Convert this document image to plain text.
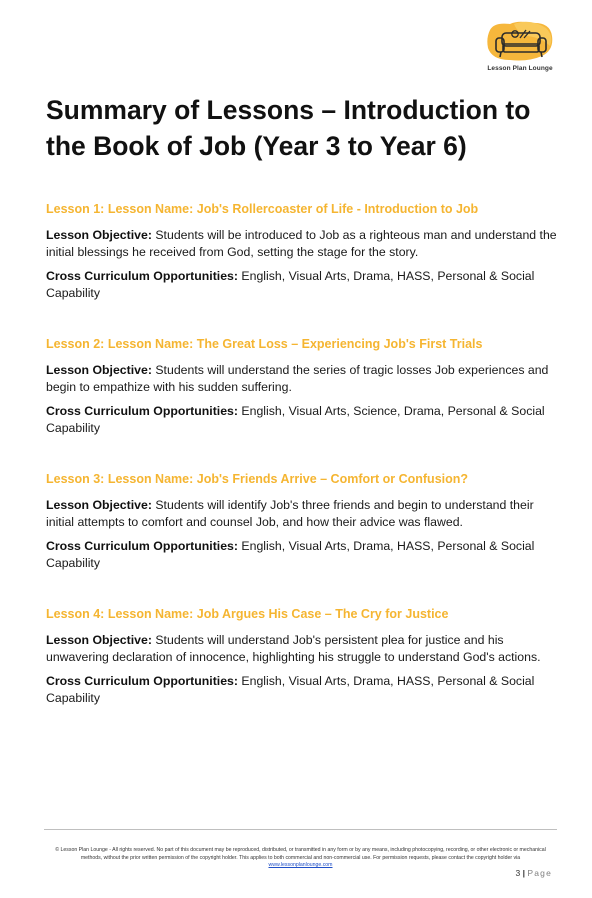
Lesson Plan Lounge
Summary of Lessons – Introduction to the Book of Job (Year 3 to Year 6)

Lesson 1: Lesson Name: Job's Rollercoaster of Life - Introduction to Job

Lesson Objective: Students will be introduced to Job as a righteous man and understand the initial blessings he received from God, setting the stage for the story.

Cross Curriculum Opportunities: English, Visual Arts, Drama, HASS, Personal & Social Capability

Lesson 2: Lesson Name: The Great Loss – Experiencing Job's First Trials

Lesson Objective: Students will understand the series of tragic losses Job experiences and begin to empathize with his sudden suffering.

Cross Curriculum Opportunities: English, Visual Arts, Science, Drama, Personal & Social Capability

Lesson 3: Lesson Name: Job's Friends Arrive – Comfort or Confusion?

Lesson Objective: Students will identify Job's three friends and begin to understand their initial attempts to comfort and counsel Job, and how their advice was flawed.

Cross Curriculum Opportunities: English, Visual Arts, Drama, HASS, Personal & Social Capability

Lesson 4: Lesson Name: Job Argues His Case – The Cry for Justice

Lesson Objective: Students will understand Job's persistent plea for justice and his unwavering declaration of innocence, highlighting his struggle to understand God's actions.

Cross Curriculum Opportunities: English, Visual Arts, Drama, HASS, Personal & Social Capability

© Lesson Plan Lounge - All rights reserved. No part of this document may be reproduced, distributed, or transmitted in any form or by any means, including photocopying, recording, or other electronic or mechanical methods, without the prior written permission of the copyright holder. This applies to both commercial and non-commercial use. For permission requests, please contact the copyright holder via
www.lessonplanlounge.com
3 | Page
